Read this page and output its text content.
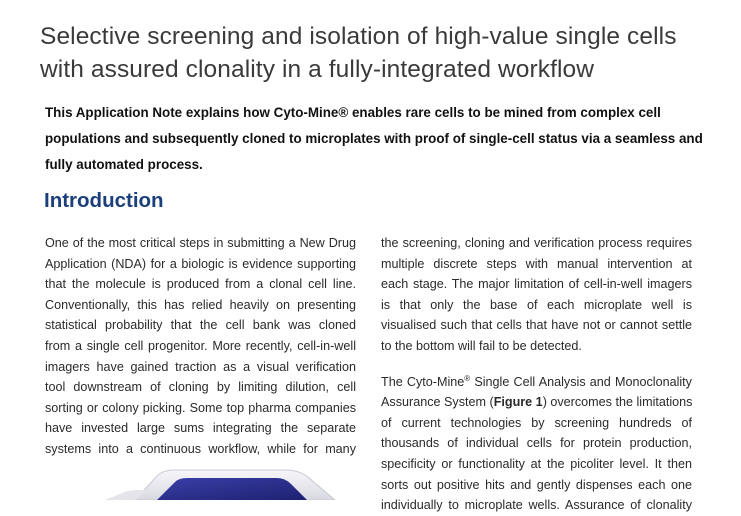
Selective screening and isolation of high-value single cells
with assured clonality in a fully-integrated workflow
This Application Note explains how Cyto-Mine® enables rare cells to be mined from complex cell
populations and subsequently cloned to microplates with proof of single-cell status via a seamless and
fully automated process.
Introduction
One of the most critical steps in submitting a New Drug
Application (NDA) for a biologic is evidence supporting
that the molecule is produced from a clonal cell line.
Conventionally, this has relied heavily on presenting
statistical probability that the cell bank was cloned
from a single cell progenitor. More recently, cell-in-well
imagers have gained traction as a visual verification
tool downstream of cloning by limiting dilution, cell
sorting or colony picking. Some top pharma companies
have invested large sums integrating the separate
systems into a continuous workflow, while for many
the screening, cloning and verification process requires
multiple discrete steps with manual intervention at
each stage. The major limitation of cell-in-well imagers
is that only the base of each microplate well is
visualised such that cells that have not or cannot settle
to the bottom will fail to be detected.
The Cyto-Mine® Single Cell Analysis and Monoclonality
Assurance System (Figure 1) overcomes the limitations
of current technologies by screening hundreds of
thousands of individual cells for protein production,
specificity or functionality at the picoliter level. It then
sorts out positive hits and gently dispenses each one
individually to microplate wells. Assurance of clonality
